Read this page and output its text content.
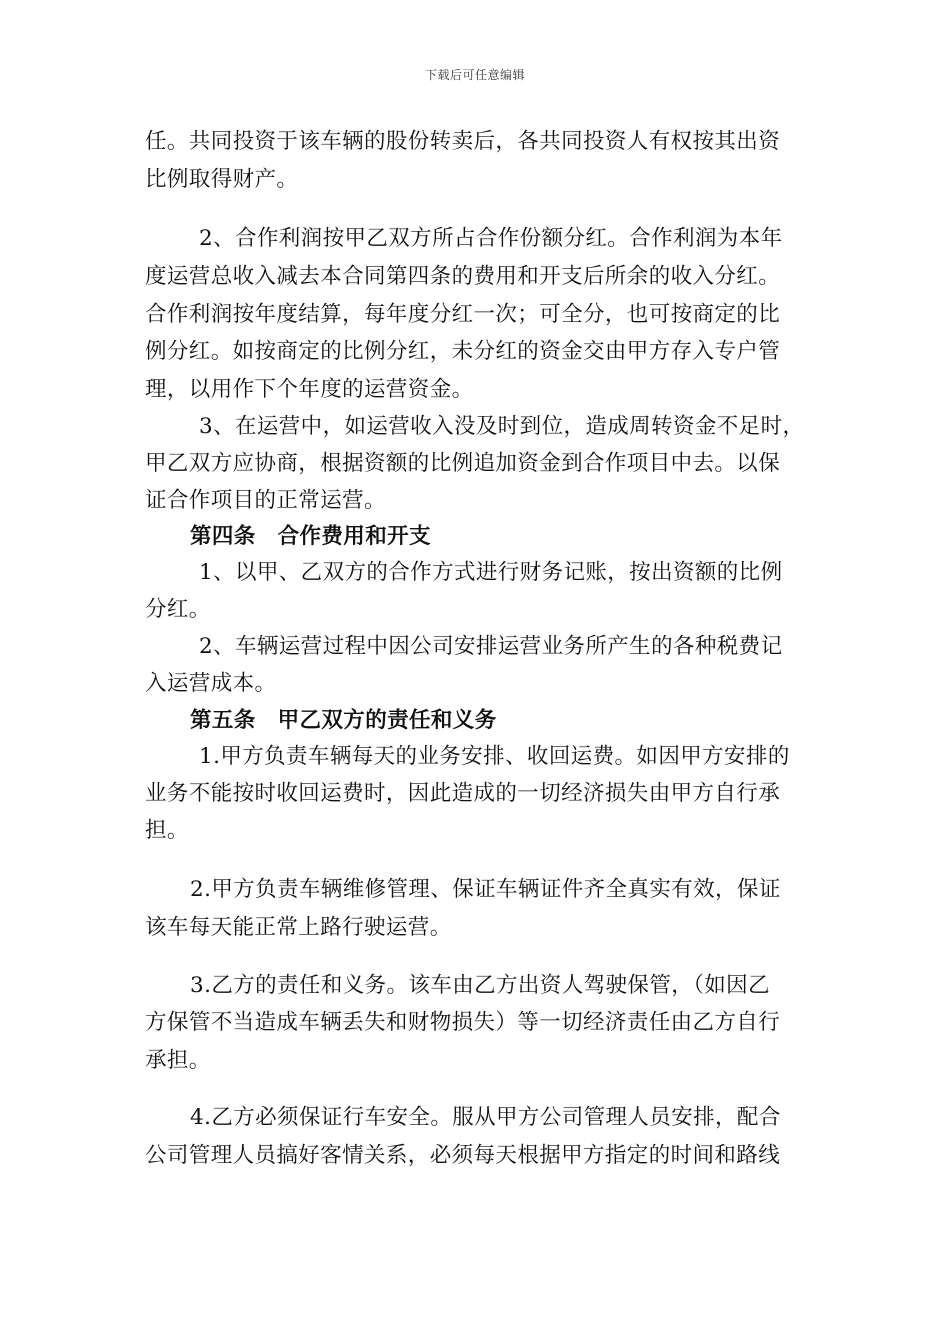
下载后可任意编辑
任。共同投资于该车辆的股份转卖后，各共同投资人有权按其出资
比例取得财产。
2、合作利润按甲乙双方所占合作份额分红。合作利润为本年
度运营总收入减去本合同第四条的费用和开支后所余的收入分红。
合作利润按年度结算，每年度分红一次；可全分，也可按商定的比
例分红。如按商定的比例分红，未分红的资金交由甲方存入专户管
理，以用作下个年度的运营资金。
3、在运营中，如运营收入没及时到位，造成周转资金不足时，
甲乙双方应协商，根据资额的比例追加资金到合作项目中去。以保
证合作项目的正常运营。
第四条　合作费用和开支
1、以甲、乙双方的合作方式进行财务记账，按出资额的比例
分红。
2、车辆运营过程中因公司安排运营业务所产生的各种税费记
入运营成本。
第五条　甲乙双方的责任和义务
1.甲方负责车辆每天的业务安排、收回运费。如因甲方安排的
业务不能按时收回运费时，因此造成的一切经济损失由甲方自行承
担。
2.甲方负责车辆维修管理、保证车辆证件齐全真实有效，保证
该车每天能正常上路行驶运营。
3.乙方的责任和义务。该车由乙方出资人驾驶保管，（如因乙
方保管不当造成车辆丢失和财物损失）等一切经济责任由乙方自行
承担。
4.乙方必须保证行车安全。服从甲方公司管理人员安排，配合
公司管理人员搞好客情关系，必须每天根据甲方指定的时间和路线
